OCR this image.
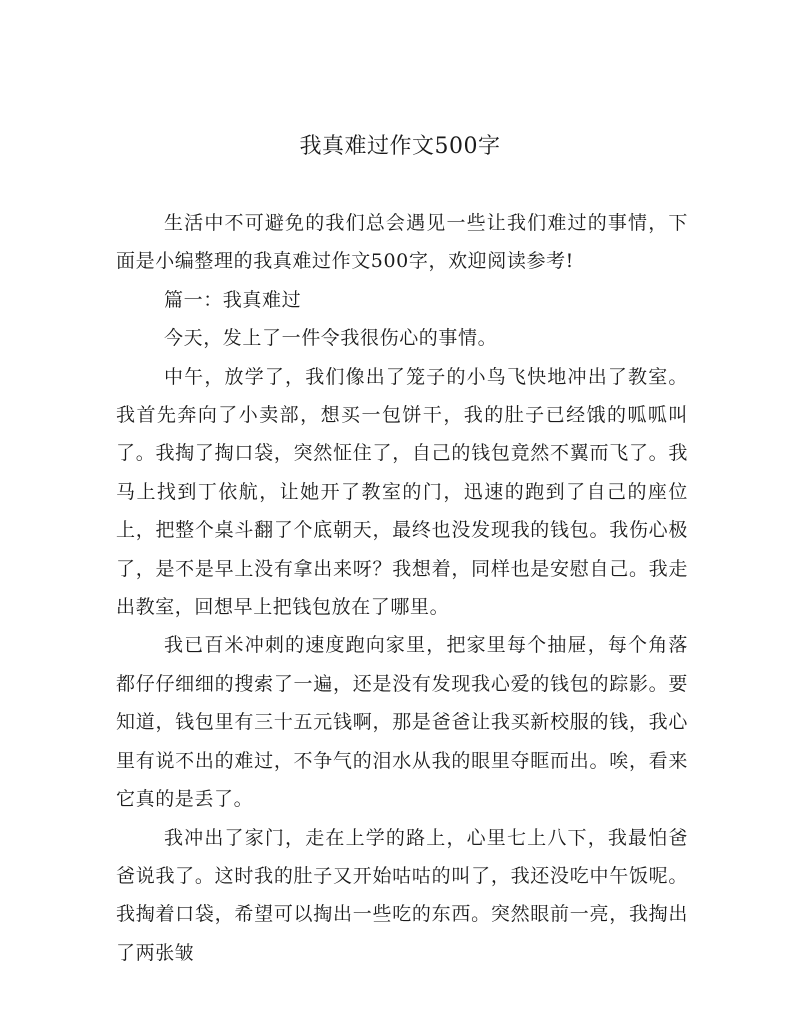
我真难过作文500字

生活中不可避免的我们总会遇见一些让我们难过的事情，下面是小编整理的我真难过作文500字，欢迎阅读参考!

篇一：我真难过

今天，发上了一件令我很伤心的事情。

中午，放学了，我们像出了笼子的小鸟飞快地冲出了教室。我首先奔向了小卖部，想买一包饼干，我的肚子已经饿的呱呱叫了。我掏了掏口袋，突然怔住了，自己的钱包竟然不翼而飞了。我马上找到丁依航，让她开了教室的门，迅速的跑到了自己的座位上，把整个桌斗翻了个底朝天，最终也没发现我的钱包。我伤心极了，是不是早上没有拿出来呀？我想着，同样也是安慰自己。我走出教室，回想早上把钱包放在了哪里。

我已百米冲刺的速度跑向家里，把家里每个抽屉，每个角落都仔仔细细的搜索了一遍，还是没有发现我心爱的钱包的踪影。要知道，钱包里有三十五元钱啊，那是爸爸让我买新校服的钱，我心里有说不出的难过，不争气的泪水从我的眼里夺眶而出。唉，看来它真的是丢了。

我冲出了家门，走在上学的路上，心里七上八下，我最怕爸爸说我了。这时我的肚子又开始咕咕的叫了，我还没吃中午饭呢。我掏着口袋，希望可以掏出一些吃的东西。突然眼前一亮，我掏出了两张皱
